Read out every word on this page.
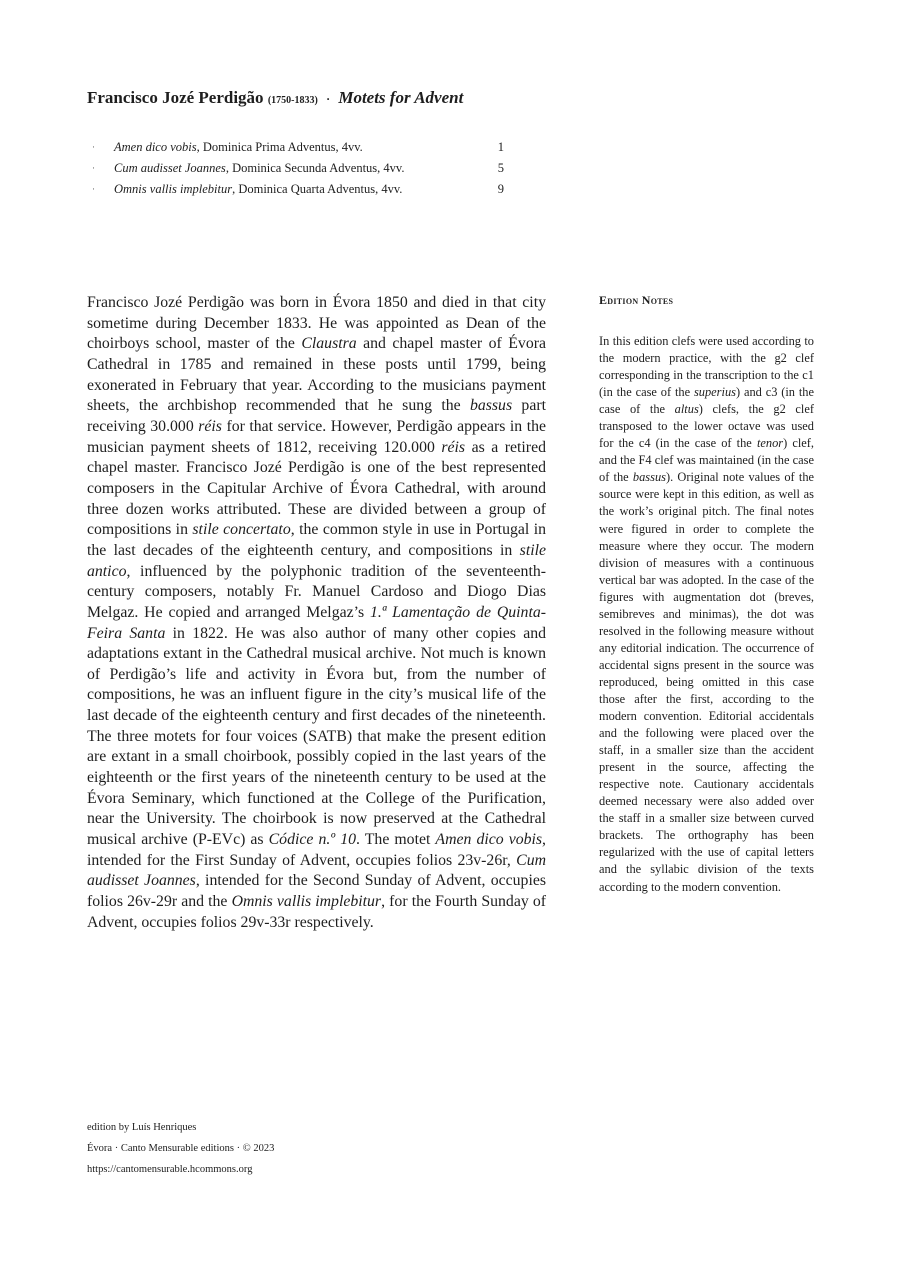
Francisco Jozé Perdigão (1750-1833) · Motets for Advent
· Amen dico vobis, Dominica Prima Adventus, 4vv.	1
· Cum audisset Joannes, Dominica Secunda Adventus, 4vv.	5
· Omnis vallis implebitur, Dominica Quarta Adventus, 4vv.	9

Francisco Jozé Perdigão was born in Évora 1850 and died in that city sometime during December 1833. He was appointed as Dean of the choirboys school, master of the Claustra and chapel master of Évora Cathedral in 1785 and remained in these posts until 1799, being exonerated in February that year. According to the musicians payment sheets, the archbishop recommended that he sung the bassus part receiving 30.000 réis for that service. However, Perdigão appears in the musician payment sheets of 1812, receiving 120.000 réis as a retired chapel master. Francisco Jozé Perdigão is one of the best represented composers in the Capitular Archive of Évora Cathedral, with around three dozen works attributed. These are divided between a group of compositions in stile concertato, the common style in use in Portugal in the last decades of the eighteenth century, and compositions in stile antico, influenced by the polyphonic tradition of the seventeenth-century composers, notably Fr. Manuel Cardoso and Diogo Dias Melgaz. He copied and arranged Melgaz’s 1.ª Lamentação de Quinta-Feira Santa in 1822. He was also author of many other copies and adaptations extant in the Cathedral musical archive. Not much is known of Perdigão’s life and activity in Évora but, from the number of compositions, he was an influent figure in the city’s musical life of the last decade of the eighteenth century and first decades of the nineteenth. The three motets for four voices (SATB) that make the present edition are extant in a small choirbook, possibly copied in the last years of the eighteenth or the first years of the nineteenth century to be used at the Évora Seminary, which functioned at the College of the Purification, near the University. The choirbook is now preserved at the Cathedral musical archive (P-EVc) as Códice n.º 10. The motet Amen dico vobis, intended for the First Sunday of Advent, occupies folios 23v-26r, Cum audisset Joannes, intended for the Second Sunday of Advent, occupies folios 26v-29r and the Omnis vallis implebitur, for the Fourth Sunday of Advent, occupies folios 29v-33r respectively.

Edition Notes
In this edition clefs were used according to the modern practice, with the g2 clef corresponding in the transcription to the c1 (in the case of the superius) and c3 (in the case of the altus) clefs, the g2 clef transposed to the lower octave was used for the c4 (in the case of the tenor) clef, and the F4 clef was maintained (in the case of the bassus). Original note values of the source were kept in this edition, as well as the work’s original pitch. The final notes were figured in order to complete the measure where they occur. The modern division of measures with a continuous vertical bar was adopted. In the case of the figures with augmentation dot (breves, semibreves and minimas), the dot was resolved in the following measure without any editorial indication. The occurrence of accidental signs present in the source was reproduced, being omitted in this case those after the first, according to the modern convention. Editorial accidentals and the following were placed over the staff, in a smaller size than the accident present in the source, affecting the respective note. Cautionary accidentals deemed necessary were also added over the staff in a smaller size between curved brackets. The orthography has been regularized with the use of capital letters and the syllabic division of the texts according to the modern convention.
edition by Luís Henriques
Évora · Canto Mensurable editions · © 2023
https://cantomensurable.hcommons.org
